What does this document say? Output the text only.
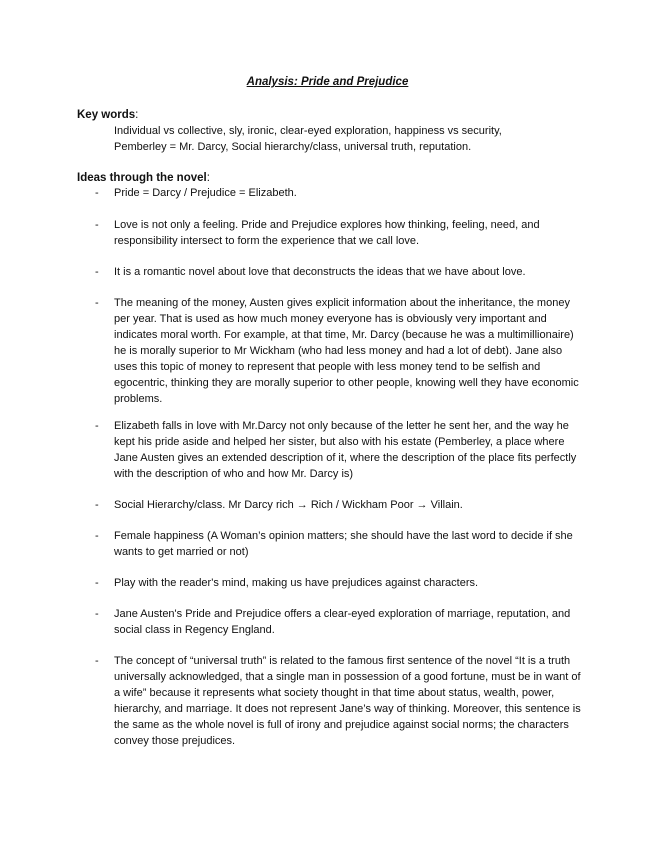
Analysis: Pride and Prejudice
Key words:
Individual vs collective, sly, ironic, clear-eyed exploration, happiness vs security, Pemberley = Mr. Darcy, Social hierarchy/class, universal truth, reputation.
Ideas through the novel:
-	Pride = Darcy / Prejudice = Elizabeth.
-	Love is not only a feeling. Pride and Prejudice explores how thinking, feeling, need, and responsibility intersect to form the experience that we call love.
-	It is a romantic novel about love that deconstructs the ideas that we have about love.
-	The meaning of the money, Austen gives explicit information about the inheritance, the money per year. That is used as how much money everyone has is obviously very important and indicates moral worth. For example, at that time, Mr. Darcy (because he was a multimillionaire) he is morally superior to Mr Wickham (who had less money and had a lot of debt). Jane also uses this topic of money to represent that people with less money tend to be selfish and egocentric, thinking they are morally superior to other people, knowing well they have economic problems.
-	Elizabeth falls in love with Mr.Darcy not only because of the letter he sent her, and the way he kept his pride aside and helped her sister, but also with his estate (Pemberley, a place where Jane Austen gives an extended description of it, where the description of the place fits perfectly with the description of who and how Mr. Darcy is)
-	Social Hierarchy/class. Mr Darcy rich → Rich / Wickham Poor → Villain.
-	Female happiness (A Woman’s opinion matters; she should have the last word to decide if she wants to get married or not)
-	Play with the reader's mind, making us have prejudices against characters.
-	Jane Austen's Pride and Prejudice offers a clear-eyed exploration of marriage, reputation, and social class in Regency England.
-	The concept of “universal truth” is related to the famous first sentence of the novel “It is a truth universally acknowledged, that a single man in possession of a good fortune, must be in want of a wife” because it represents what society thought in that time about status, wealth, power, hierarchy, and marriage. It does not represent Jane’s way of thinking. Moreover, this sentence is the same as the whole novel is full of irony and prejudice against social norms; the characters convey those prejudices.
